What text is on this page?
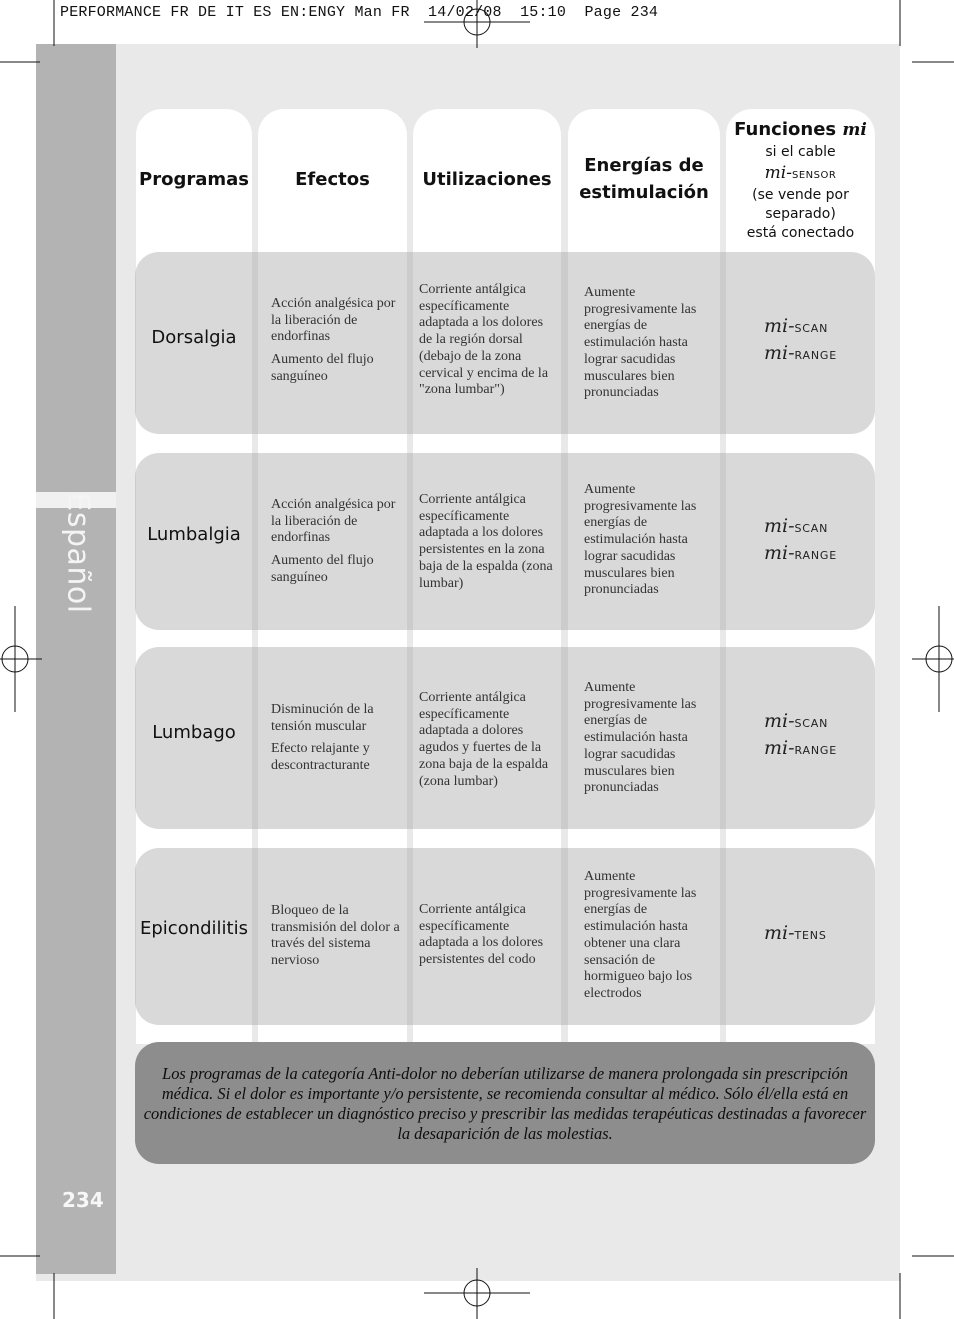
PERFORMANCE FR DE IT ES EN:ENGY Man FR  14/02/08  15:10  Page 234
Español
234
Programas	Efectos	Utilizaciones
Energías de
estimulación
Funciones mi
si el cable
mi-SENSOR
(se vende por
separado)
está conectado
Dorsalgia

Acción analgésica por la liberación de endorfinas

Aumento del flujo sanguíneo

Corriente antálgica específicamente adaptada a los dolores de la región dorsal (debajo de la zona cervical y encima de la "zona lumbar")
Aumente progresivamente las energías de estimulación hasta lograr sacudidas musculares bien pronunciadas
mi-SCAN
mi-RANGE
Lumbalgia

Acción analgésica por la liberación de endorfinas

Aumento del flujo sanguíneo

Corriente antálgica específicamente adaptada a los dolores persistentes en la zona baja de la espalda (zona lumbar)
Aumente progresivamente las energías de estimulación hasta lograr sacudidas musculares bien pronunciadas
mi-SCAN
mi-RANGE
Lumbago

Disminución de la tensión muscular

Efecto relajante y descontracturante

Corriente antálgica específicamente adaptada a dolores agudos y fuertes de la zona baja de la espalda (zona lumbar)
Aumente progresivamente las energías de estimulación hasta lograr sacudidas musculares bien pronunciadas
mi-SCAN
mi-RANGE
Epicondilitis

Bloqueo de la transmisión del dolor a través del sistema nervioso

Corriente antálgica específicamente adaptada a los dolores persistentes del codo
Aumente progresivamente las energías de estimulación hasta obtener una clara sensación de hormigueo bajo los electrodos
mi-TENS
Los programas de la categoría Anti-dolor no deberían utilizarse de manera prolongada sin prescripción médica. Si el dolor es importante y/o persistente, se recomienda consultar al médico. Sólo él/ella está en condiciones de establecer un diagnóstico preciso y prescribir las medidas terapéuticas destinadas a favorecer la desaparición de las molestias.
